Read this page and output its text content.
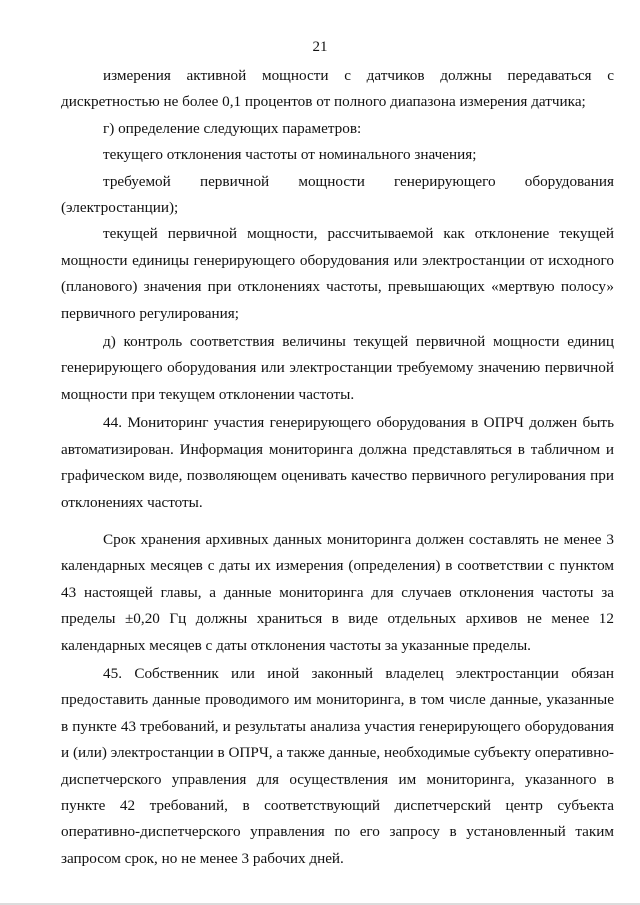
21

измерения активной мощности с датчиков должны передаваться с дискретностью не более 0,1 процентов от полного диапазона измерения датчика;

г) определение следующих параметров:

текущего отклонения частоты от номинального значения;

требуемой первичной мощности генерирующего оборудования (электростанции);

текущей первичной мощности, рассчитываемой как отклонение текущей мощности единицы генерирующего оборудования или электростанции от исходного (планового) значения при отклонениях частоты, превышающих «мертвую полосу» первичного регулирования;

д) контроль соответствия величины текущей первичной мощности единиц генерирующего оборудования или электростанции требуемому значению первичной мощности при текущем отклонении частоты.

44. Мониторинг участия генерирующего оборудования в ОПРЧ должен быть автоматизирован. Информация мониторинга должна представляться в табличном и графическом виде, позволяющем оценивать качество первичного регулирования при отклонениях частоты.

Срок хранения архивных данных мониторинга должен составлять не менее 3 календарных месяцев с даты их измерения (определения) в соответствии с пунктом 43 настоящей главы, а данные мониторинга для случаев отклонения частоты за пределы ±0,20 Гц должны храниться в виде отдельных архивов не менее 12 календарных месяцев с даты отклонения частоты за указанные пределы.

45. Собственник или иной законный владелец электростанции обязан предоставить данные проводимого им мониторинга, в том числе данные, указанные в пункте 43 требований, и результаты анализа участия генерирующего оборудования и (или) электростанции в ОПРЧ, а также данные, необходимые субъекту оперативно-диспетчерского управления для осуществления им мониторинга, указанного в пункте 42 требований, в соответствующий диспетчерский центр субъекта оперативно-диспетчерского управления по его запросу в установленный таким запросом срок, но не менее 3 рабочих дней.
